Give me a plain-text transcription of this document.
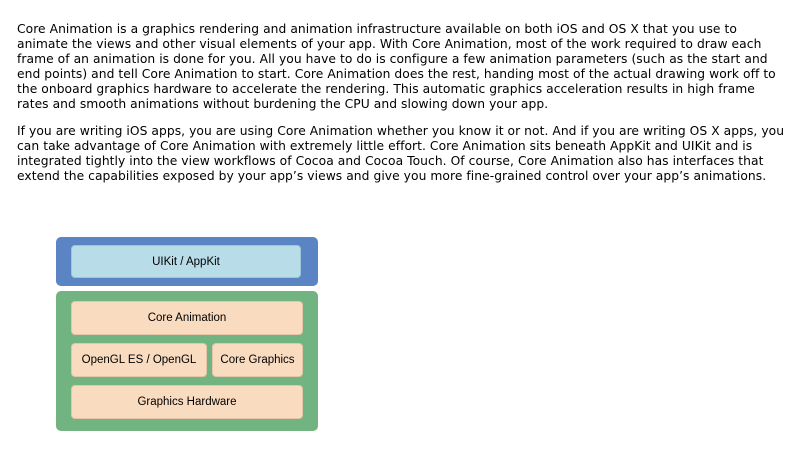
Core Animation is a graphics rendering and animation infrastructure available on both iOS and OS X that you use to animate the views and other visual elements of your app. With Core Animation, most of the work required to draw each frame of an animation is done for you. All you have to do is configure a few animation parameters (such as the start and end points) and tell Core Animation to start. Core Animation does the rest, handing most of the actual drawing work off to the onboard graphics hardware to accelerate the rendering. This automatic graphics acceleration results in high frame rates and smooth animations without burdening the CPU and slowing down your app.

If you are writing iOS apps, you are using Core Animation whether you know it or not. And if you are writing OS X apps, you can take advantage of Core Animation with extremely little effort. Core Animation sits beneath AppKit and UIKit and is integrated tightly into the view workflows of Cocoa and Cocoa Touch. Of course, Core Animation also has interfaces that extend the capabilities exposed by your app’s views and give you more fine-grained control over your app’s animations.

UIKit / AppKit
Core Animation
OpenGL ES / OpenGL	Core Graphics
Graphics Hardware
